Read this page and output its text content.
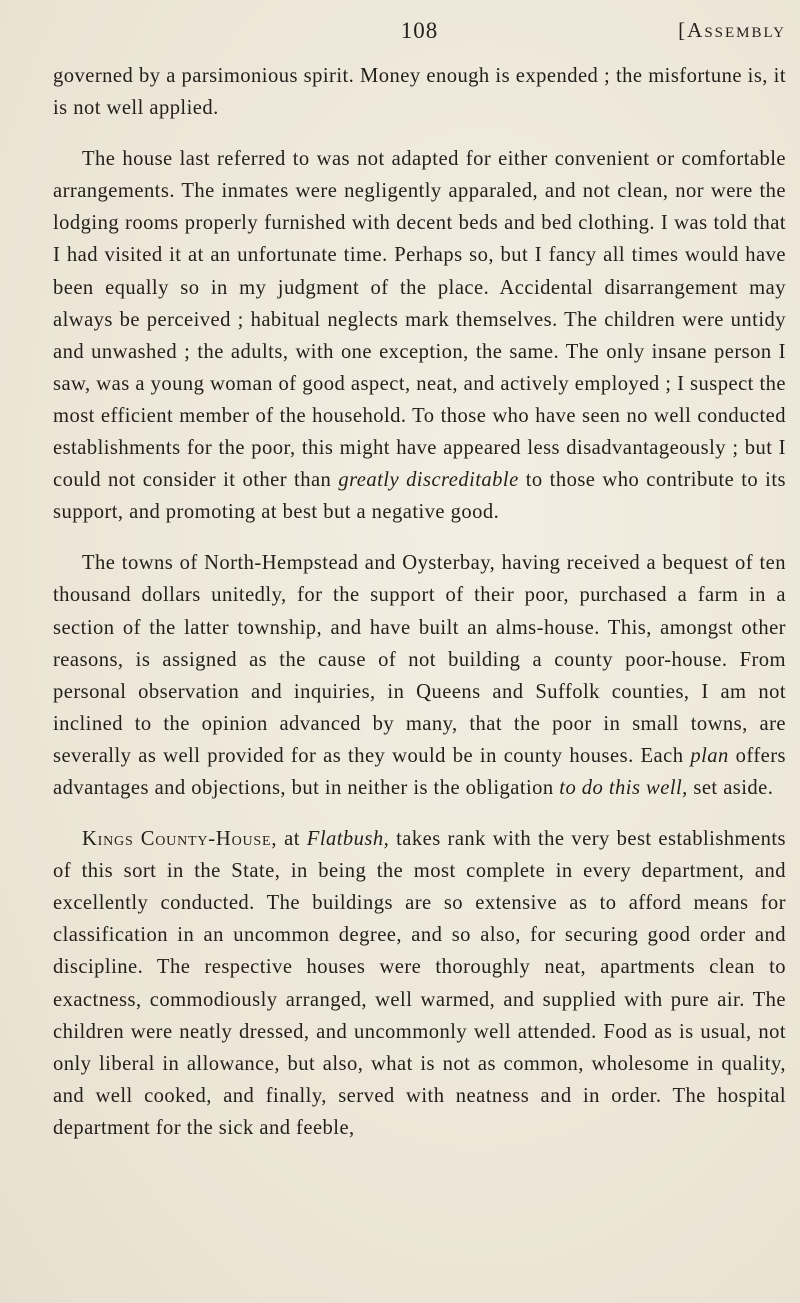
108	[Assembly

governed by a parsimonious spirit. Money enough is expended ; the misfortune is, it is not well applied.

The house last referred to was not adapted for either convenient or comfortable arrangements. The inmates were negligently apparaled, and not clean, nor were the lodging rooms properly furnished with decent beds and bed clothing. I was told that I had visited it at an unfortunate time. Perhaps so, but I fancy all times would have been equally so in my judgment of the place. Accidental disarrangement may always be perceived ; habitual neglects mark themselves. The children were untidy and unwashed ; the adults, with one exception, the same. The only insane person I saw, was a young woman of good aspect, neat, and actively employed ; I suspect the most efficient member of the household. To those who have seen no well conducted establishments for the poor, this might have appeared less disadvantageously ; but I could not consider it other than greatly discreditable to those who contribute to its support, and promoting at best but a negative good.

The towns of North-Hempstead and Oysterbay, having received a bequest of ten thousand dollars unitedly, for the support of their poor, purchased a farm in a section of the latter township, and have built an alms-house. This, amongst other reasons, is assigned as the cause of not building a county poor-house. From personal observation and inquiries, in Queens and Suffolk counties, I am not inclined to the opinion advanced by many, that the poor in small towns, are severally as well provided for as they would be in county houses. Each plan offers advantages and objections, but in neither is the obligation to do this well, set aside.

Kings County-House, at Flatbush, takes rank with the very best establishments of this sort in the State, in being the most complete in every department, and excellently conducted. The buildings are so extensive as to afford means for classification in an uncommon degree, and so also, for securing good order and discipline. The respective houses were thoroughly neat, apartments clean to exactness, commodiously arranged, well warmed, and supplied with pure air. The children were neatly dressed, and uncommonly well attended. Food as is usual, not only liberal in allowance, but also, what is not as common, wholesome in quality, and well cooked, and finally, served with neatness and in order. The hospital department for the sick and feeble,
